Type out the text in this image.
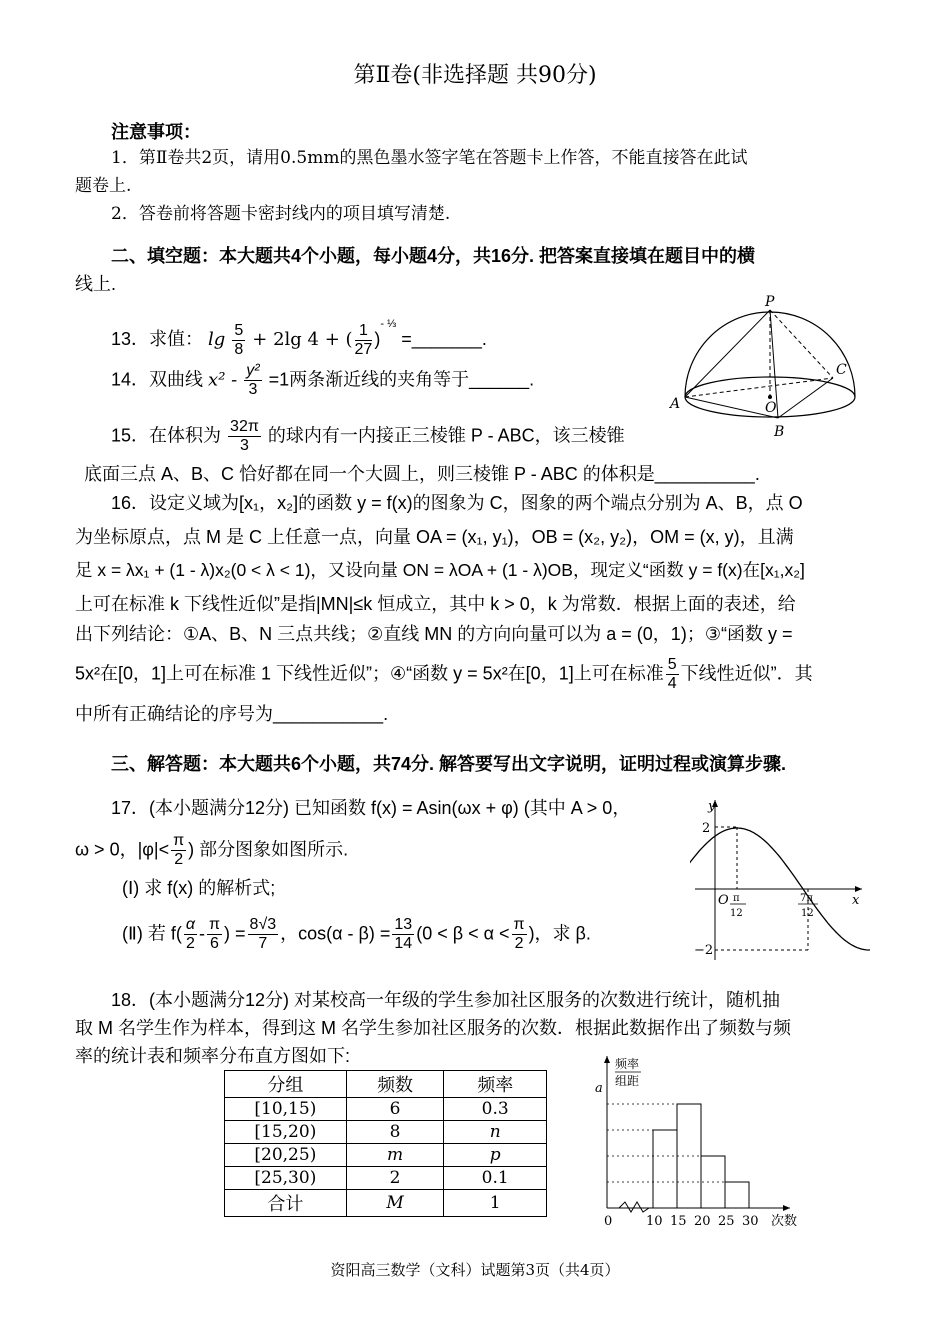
第Ⅱ卷(非选择题 共90分)
注意事项：
1．第Ⅱ卷共2页，请用0.5mm的黑色墨水签字笔在答题卡上作答，不能直接答在此试
题卷上.
2．答卷前将答题卡密封线内的项目填写清楚.
二、填空题：本大题共4个小题，每小题4分，共16分. 把答案直接填在题目中的横
线上.
13．求值： $\lg \frac{5}{8} + 2\lg$ 4 + ( $\frac{1}{27} )^{- \frac{1}{3}}$ =_______.
14．双曲线 $x^2 - \frac{\text{y²}}{3} =1$两条渐近线的夹角等于______.
15．在体积为 $\frac{32\pi}{3}$ 的球内有一内接正三棱锥 P - ABC，该三棱锥
底面三点 A、B、C 恰好都在同一个大圆上，则三棱锥 P - ABC 的体积是__________.
P
A
B
C
O
16．设定义域为[x₁，x₂]的函数 y = f(x)的图象为 C，图象的两个端点分别为 A、B，点 O
为坐标原点，点 M 是 C 上任意一点，向量 OA = (x₁, y₁)，OB = (x₂, y₂)，OM = (x, y)，且满
足 x = λx₁ + (1 - λ)x₂(0 < λ < 1)，又设向量 ON = λOA + (1 - λ)OB，现定义“函数 y = f(x)在[x₁,x₂]
上可在标准 k 下线性近似”是指|MN|≤k 恒成立，其中 k > 0，k 为常数．根据上面的表述，给
出下列结论：①A、B、N 三点共线；②直线 MN 的方向向量可以为 a = (0，1)；③“函数 y =
5x²在[0，1]上可在标准 1 下线性近似”；④“函数 y = 5x²在[0，1]上可在标准 $\frac{5}{4}$ 下线性近似”．其
中所有正确结论的序号为___________.
三、解答题：本大题共6个小题，共74分. 解答要写出文字说明，证明过程或演算步骤.
17．(本小题满分12分) 已知函数 f(x) = Asin(ωx + φ) (其中 A > 0，
ω > 0，$|\varphi|< \frac{\pi}{2}$ ) 部分图象如图所示.
(Ⅰ) 求 f(x) 的解析式;
(Ⅱ) 若 $f( \frac{\alpha}{2} - \frac{\pi}{6}$ ) = $\frac{8√3}{7}$ ，$\cos(\alpha - \beta) = \frac{13}{14} (0 < \beta < \alpha < \frac{\pi}{2}$ )，求 β.
y
x
2
O
−2
π
12
7π
12
18．(本小题满分12分) 对某校高一年级的学生参加社区服务的次数进行统计，随机抽
取 M 名学生作为样本，得到这 M 名学生参加社区服务的次数．根据此数据作出了频数与频
率的统计表和频率分布直方图如下:
分组	频数	频率
[10,15)	6	0.3
[15,20)	8	n
[20,25)	m	p
[25,30)	2	0.1
合计	M	1
频率
组距
a
0	10 15 20 25 30 次数
资阳高三数学（文科）试题第3页（共4页）
